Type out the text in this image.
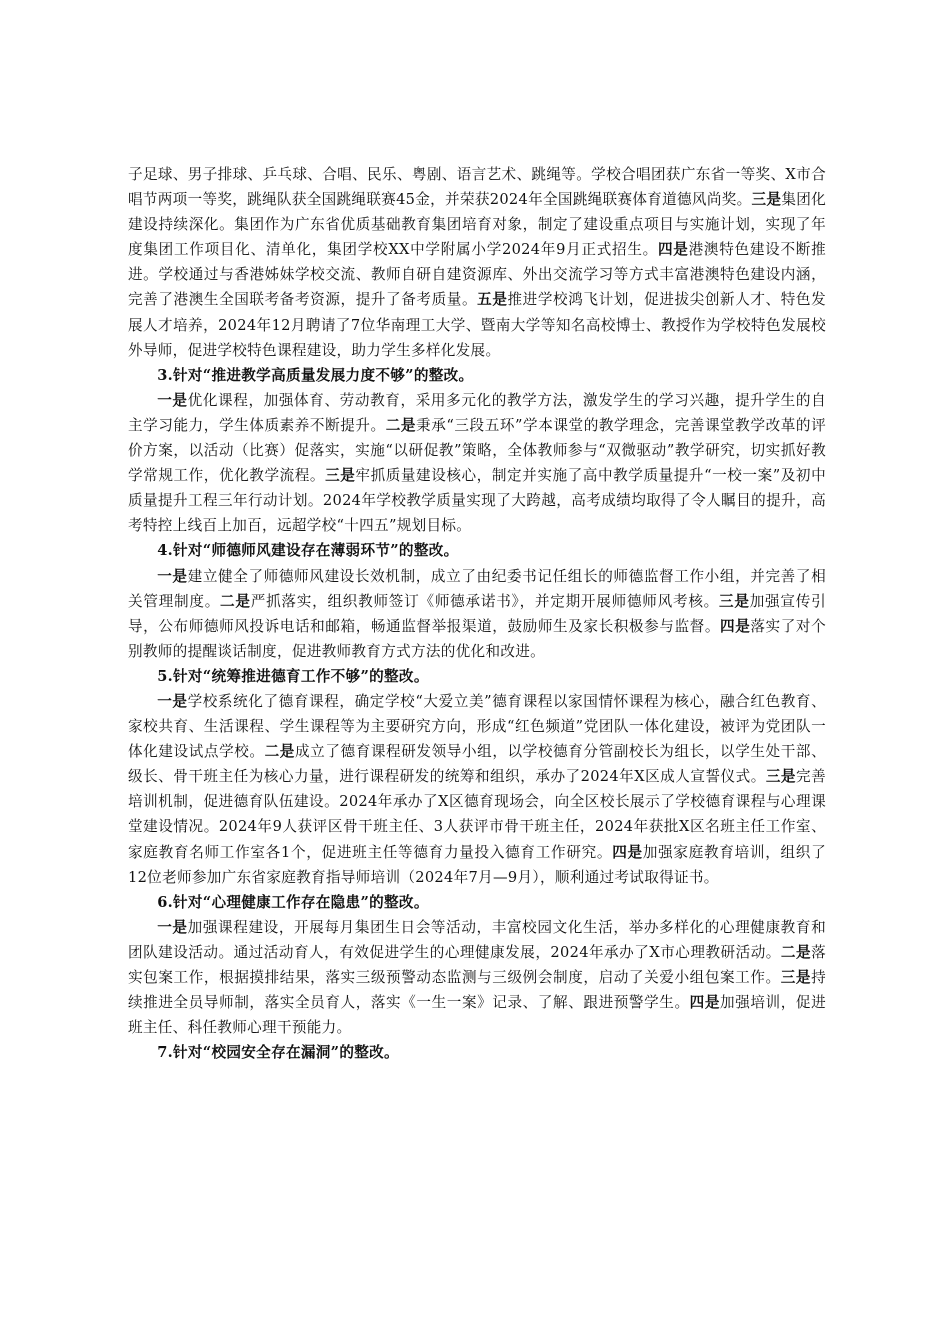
子足球、男子排球、乒乓球、合唱、民乐、粤剧、语言艺术、跳绳等。学校合唱团获广东省一等奖、X市合唱节两项一等奖，跳绳队获全国跳绳联赛45金，并荣获2024年全国跳绳联赛体育道德风尚奖。三是集团化建设持续深化。集团作为广东省优质基础教育集团培育对象，制定了建设重点项目与实施计划，实现了年度集团工作项目化、清单化，集团学校XX中学附属小学2024年9月正式招生。四是港澳特色建设不断推进。学校通过与香港姊妹学校交流、教师自研自建资源库、外出交流学习等方式丰富港澳特色建设内涵，完善了港澳生全国联考备考资源，提升了备考质量。五是推进学校鸿飞计划，促进拔尖创新人才、特色发展人才培养，2024年12月聘请了7位华南理工大学、暨南大学等知名高校博士、教授作为学校特色发展校外导师，促进学校特色课程建设，助力学生多样化发展。

3.针对“推进教学高质量发展力度不够”的整改。

一是优化课程，加强体育、劳动教育，采用多元化的教学方法，激发学生的学习兴趣，提升学生的自主学习能力，学生体质素养不断提升。二是秉承“三段五环”学本课堂的教学理念，完善课堂教学改革的评价方案，以活动（比赛）促落实，实施“以研促教”策略，全体教师参与“双微驱动”教学研究，切实抓好教学常规工作，优化教学流程。三是牢抓质量建设核心，制定并实施了高中教学质量提升“一校一案”及初中质量提升工程三年行动计划。2024年学校教学质量实现了大跨越，高考成绩均取得了令人瞩目的提升，高考特控上线百上加百，远超学校“十四五”规划目标。

4.针对“师德师风建设存在薄弱环节”的整改。

一是建立健全了师德师风建设长效机制，成立了由纪委书记任组长的师德监督工作小组，并完善了相关管理制度。二是严抓落实，组织教师签订《师德承诺书》，并定期开展师德师风考核。三是加强宣传引导，公布师德师风投诉电话和邮箱，畅通监督举报渠道，鼓励师生及家长积极参与监督。四是落实了对个别教师的提醒谈话制度，促进教师教育方式方法的优化和改进。

5.针对“统筹推进德育工作不够”的整改。

一是学校系统化了德育课程，确定学校“大爱立美”德育课程以家国情怀课程为核心，融合红色教育、家校共育、生活课程、学生课程等为主要研究方向，形成“红色频道”党团队一体化建设，被评为党团队一体化建设试点学校。二是成立了德育课程研发领导小组，以学校德育分管副校长为组长，以学生处干部、级长、骨干班主任为核心力量，进行课程研发的统筹和组织，承办了2024年X区成人宣誓仪式。三是完善培训机制，促进德育队伍建设。2024年承办了X区德育现场会，向全区校长展示了学校德育课程与心理课堂建设情况。2024年9人获评区骨干班主任、3人获评市骨干班主任，2024年获批X区名班主任工作室、家庭教育名师工作室各1个，促进班主任等德育力量投入德育工作研究。四是加强家庭教育培训，组织了12位老师参加广东省家庭教育指导师培训（2024年7月—9月），顺利通过考试取得证书。

6.针对“心理健康工作存在隐患”的整改。

一是加强课程建设，开展每月集团生日会等活动，丰富校园文化生活，举办多样化的心理健康教育和团队建设活动。通过活动育人，有效促进学生的心理健康发展，2024年承办了X市心理教研活动。二是落实包案工作，根据摸排结果，落实三级预警动态监测与三级例会制度，启动了关爱小组包案工作。三是持续推进全员导师制，落实全员育人，落实《一生一案》记录、了解、跟进预警学生。四是加强培训，促进班主任、科任教师心理干预能力。

7.针对“校园安全存在漏洞”的整改。
